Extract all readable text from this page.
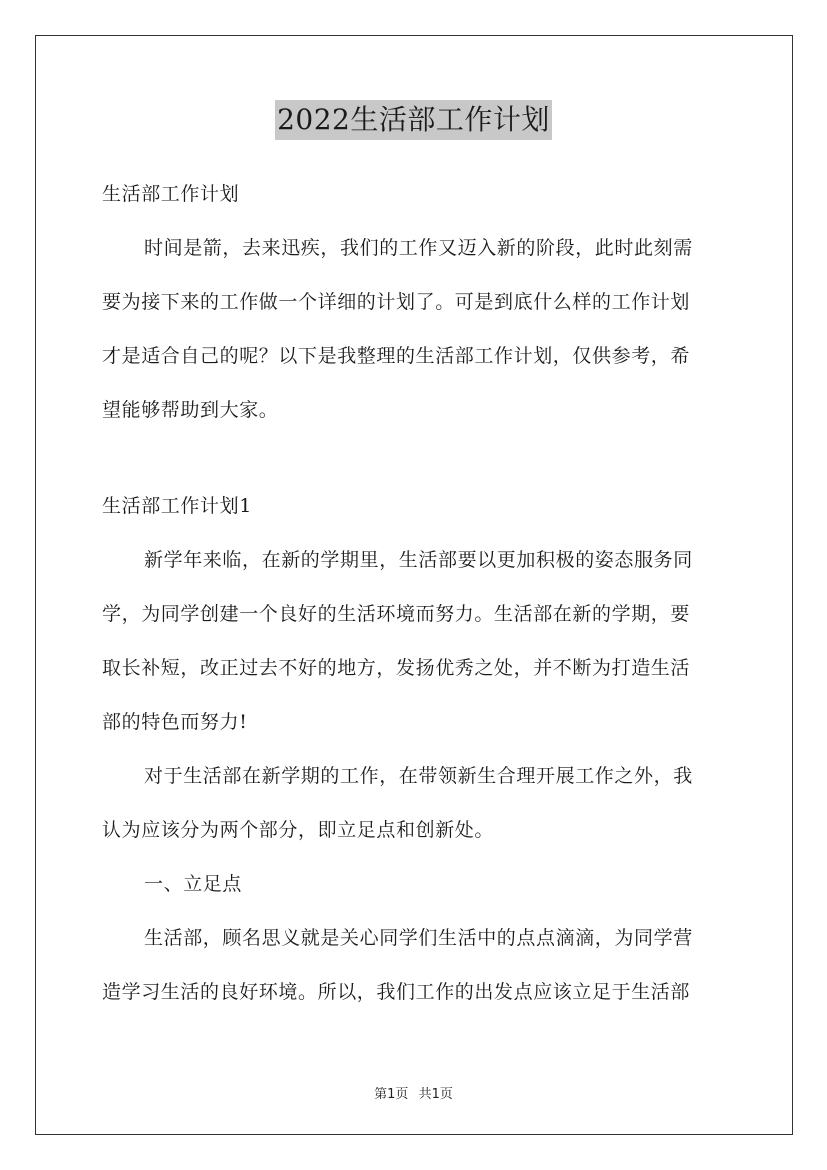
2022生活部工作计划
生活部工作计划
时间是箭，去来迅疾，我们的工作又迈入新的阶段，此时此刻需
要为接下来的工作做一个详细的计划了。可是到底什么样的工作计划
才是适合自己的呢？以下是我整理的生活部工作计划，仅供参考，希
望能够帮助到大家。
生活部工作计划1
新学年来临，在新的学期里，生活部要以更加积极的姿态服务同
学，为同学创建一个良好的生活环境而努力。生活部在新的学期，要
取长补短，改正过去不好的地方，发扬优秀之处，并不断为打造生活
部的特色而努力!
对于生活部在新学期的工作，在带领新生合理开展工作之外，我
认为应该分为两个部分，即立足点和创新处。
一、立足点
生活部，顾名思义就是关心同学们生活中的点点滴滴，为同学营
造学习生活的良好环境。所以，我们工作的出发点应该立足于生活部
第1页 共1页
